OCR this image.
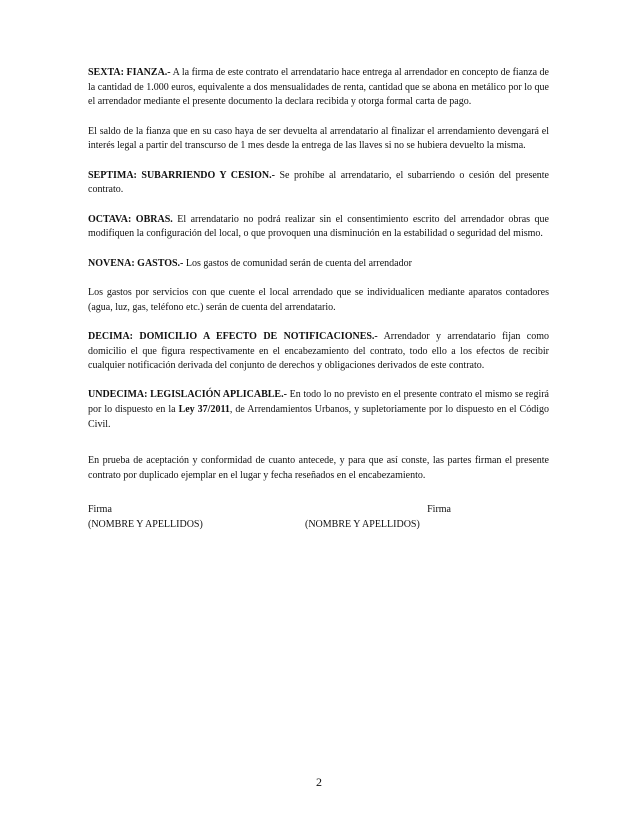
SEXTA: FIANZA.- A la firma de este contrato el arrendatario hace entrega al arrendador en concepto de fianza de la cantidad de 1.000 euros, equivalente a dos mensualidades de renta, cantidad que se abona en metálico por lo que el arrendador mediante el presente documento la declara recibida y otorga formal carta de pago.

El saldo de la fianza que en su caso haya de ser devuelta al arrendatario al finalizar el arrendamiento devengará el interés legal a partir del transcurso de 1 mes desde la entrega de las llaves si no se hubiera devuelto la misma.

SEPTIMA: SUBARRIENDO Y CESION.- Se prohíbe al arrendatario, el subarriendo o cesión del presente contrato.

OCTAVA: OBRAS. El arrendatario no podrá realizar sin el consentimiento escrito del arrendador obras que modifiquen la configuración del local, o que provoquen una disminución en la estabilidad o seguridad del mismo.

NOVENA: GASTOS.- Los gastos de comunidad serán de cuenta del arrendador

Los gastos por servicios con que cuente el local arrendado que se individualicen mediante aparatos contadores (agua, luz, gas, teléfono etc.) serán de cuenta del arrendatario.

DECIMA: DOMICILIO A EFECTO DE NOTIFICACIONES.- Arrendador y arrendatario fijan como domicilio el que figura respectivamente en el encabezamiento del contrato, todo ello a los efectos de recibir cualquier notificación derivada del conjunto de derechos y obligaciones derivados de este contrato.

UNDECIMA: LEGISLACIÓN APLICABLE.- En todo lo no previsto en el presente contrato el mismo se regirá por lo dispuesto en la Ley 37/2011, de Arrendamientos Urbanos, y supletoriamente por lo dispuesto en el Código Civil.

En prueba de aceptación y conformidad de cuanto antecede, y para que así conste, las partes firman el presente contrato por duplicado ejemplar en el lugar y fecha reseñados en el encabezamiento.

Firma
(NOMBRE Y APELLIDOS)
Firma
(NOMBRE Y APELLIDOS)
2
